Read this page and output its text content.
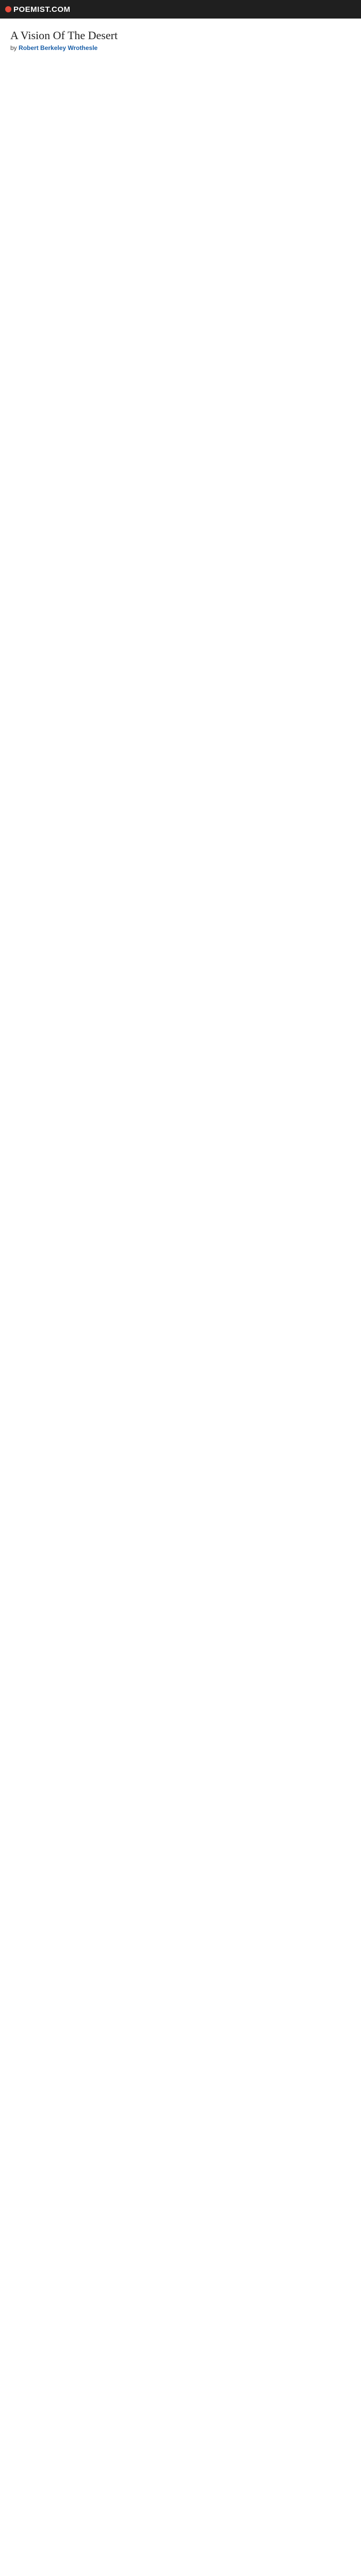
POEMIST.COM
A Vision Of The Desert

by Robert Berkeley Wrothesle
